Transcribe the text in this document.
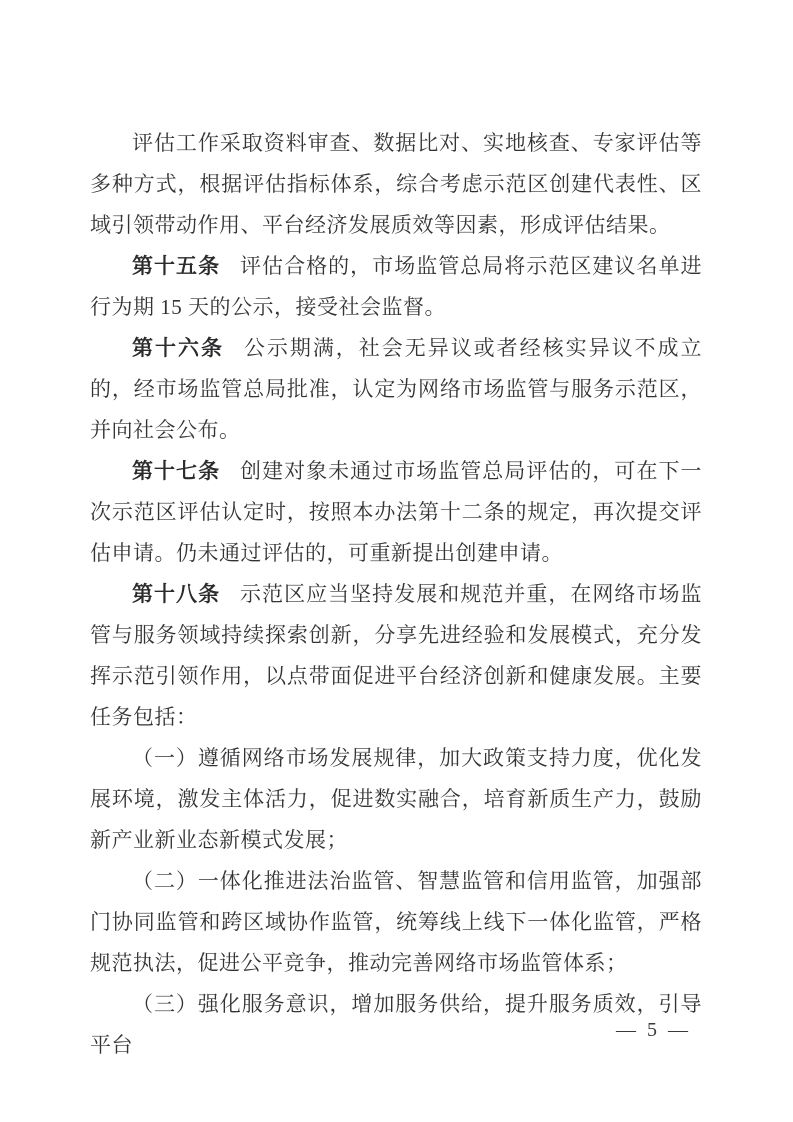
评估工作采取资料审查、数据比对、实地核查、专家评估等多种方式，根据评估指标体系，综合考虑示范区创建代表性、区域引领带动作用、平台经济发展质效等因素，形成评估结果。

第十五条 评估合格的，市场监管总局将示范区建议名单进行为期 15 天的公示，接受社会监督。

第十六条 公示期满，社会无异议或者经核实异议不成立的，经市场监管总局批准，认定为网络市场监管与服务示范区，并向社会公布。

第十七条 创建对象未通过市场监管总局评估的，可在下一次示范区评估认定时，按照本办法第十二条的规定，再次提交评估申请。仍未通过评估的，可重新提出创建申请。

第十八条 示范区应当坚持发展和规范并重，在网络市场监管与服务领域持续探索创新，分享先进经验和发展模式，充分发挥示范引领作用，以点带面促进平台经济创新和健康发展。主要任务包括：

（一）遵循网络市场发展规律，加大政策支持力度，优化发展环境，激发主体活力，促进数实融合，培育新质生产力，鼓励新产业新业态新模式发展；

（二）一体化推进法治监管、智慧监管和信用监管，加强部门协同监管和跨区域协作监管，统筹线上线下一体化监管，严格规范执法，促进公平竞争，推动完善网络市场监管体系；

（三）强化服务意识，增加服务供给，提升服务质效，引导平台

— 5 —
